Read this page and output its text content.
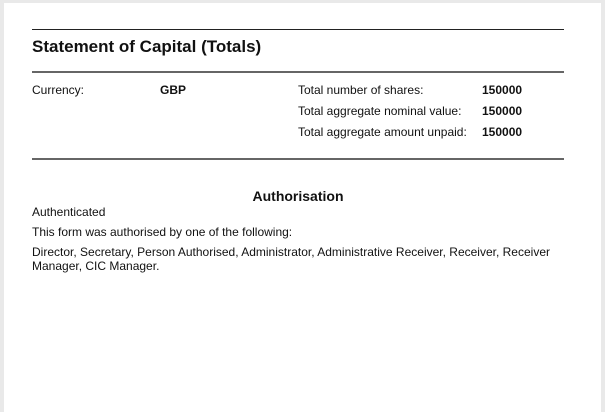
Statement of Capital (Totals)
Currency:	GBP	Total number of shares:	150000
Total aggregate nominal value: 150000
Total aggregate amount unpaid: 150000
Authorisation
Authenticated
This form was authorised by one of the following:
Director, Secretary, Person Authorised, Administrator, Administrative Receiver, Receiver, Receiver Manager, CIC Manager.
